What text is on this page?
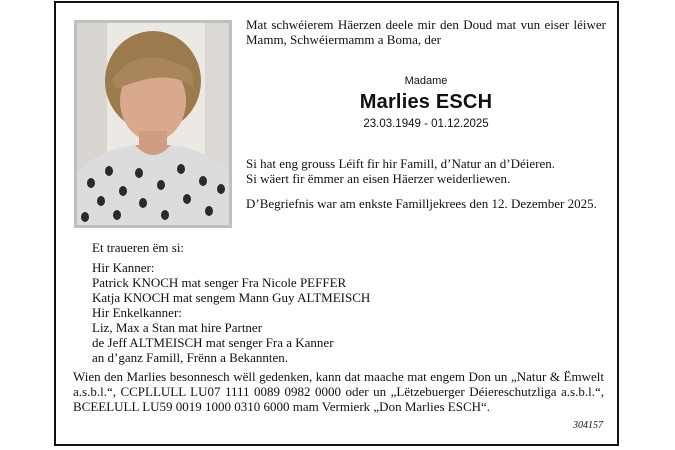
Mat schwéierem Häerzen deele mir den Doud mat vun eiser léiwer Mamm, Schwéiermamm a Boma, der
Madame
Marlies ESCH
23.03.1949 - 01.12.2025
Si hat eng grouss Léift fir hir Famill, d’Natur an d’Déieren.
Si wäert fir ëmmer an eisen Häerzer weiderliewen.
D’Begriefnis war am enkste Familljekrees den 12. Dezember 2025.
Et traueren ëm si:
Hir Kanner:
Patrick KNOCH mat senger Fra Nicole PEFFER
Katja KNOCH mat sengem Mann Guy ALTMEISCH
Hir Enkelkanner:
Liz, Max a Stan mat hire Partner
de Jeff ALTMEISCH mat senger Fra a Kanner
an d’ganz Famill, Frënn a Bekannten.
Wien den Marlies besonnesch wëll gedenken, kann dat maache mat engem Don un „Natur & Ëmwelt a.s.b.l.“, CCPLLULL LU07 1111 0089 0982 0000 oder un „Lëtzebuerger Déiereschutzliga a.s.b.l.“, BCEELULL LU59 0019 1000 0310 6000 mam Vermierk „Don Marlies ESCH“.
304157
